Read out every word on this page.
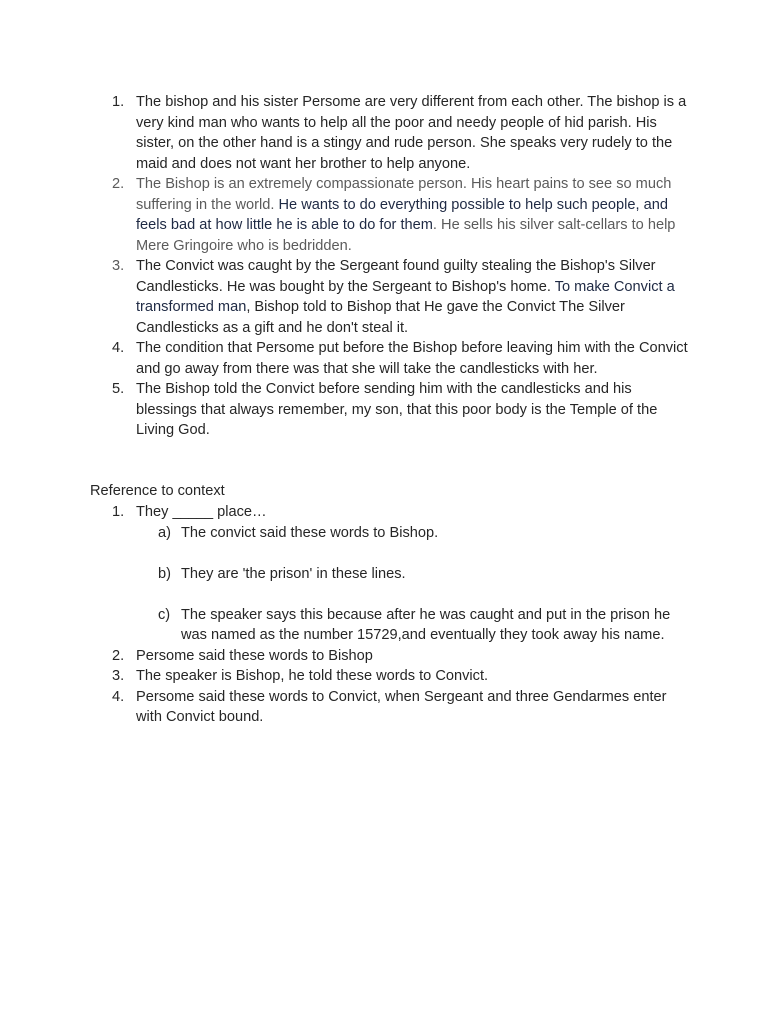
1. The bishop and his sister Persome are very different from each other. The bishop is a very kind man who wants to help all the poor and needy people of hid parish. His sister, on the other hand is a stingy and rude person. She speaks very rudely to the maid and does not want her brother to help anyone.
2. The Bishop is an extremely compassionate person. His heart pains to see so much suffering in the world. He wants to do everything possible to help such people, and feels bad at how little he is able to do for them. He sells his silver salt-cellars to help Mere Gringoire who is bedridden.
3. The Convict was caught by the Sergeant found guilty stealing the Bishop's Silver Candlesticks. He was bought by the Sergeant to Bishop's home. To make Convict a transformed man, Bishop told to Bishop that He gave the Convict The Silver Candlesticks as a gift and he don't steal it.
4. The condition that Persome put before the Bishop before leaving him with the Convict and go away from there was that she will take the candlesticks with her.
5. The Bishop told the Convict before sending him with the candlesticks and his blessings that always remember, my son, that this poor body is the Temple of the Living God.
Reference to context
1. They _____ place…
a) The convict said these words to Bishop.
b) They are 'the prison' in these lines.
c) The speaker says this because after he was caught and put in the prison he was named as the number 15729,and eventually they took away his name.
2. Persome said these words to Bishop
3. The speaker is Bishop, he told these words to Convict.
4. Persome said these words to Convict, when Sergeant and three Gendarmes enter with Convict bound.
